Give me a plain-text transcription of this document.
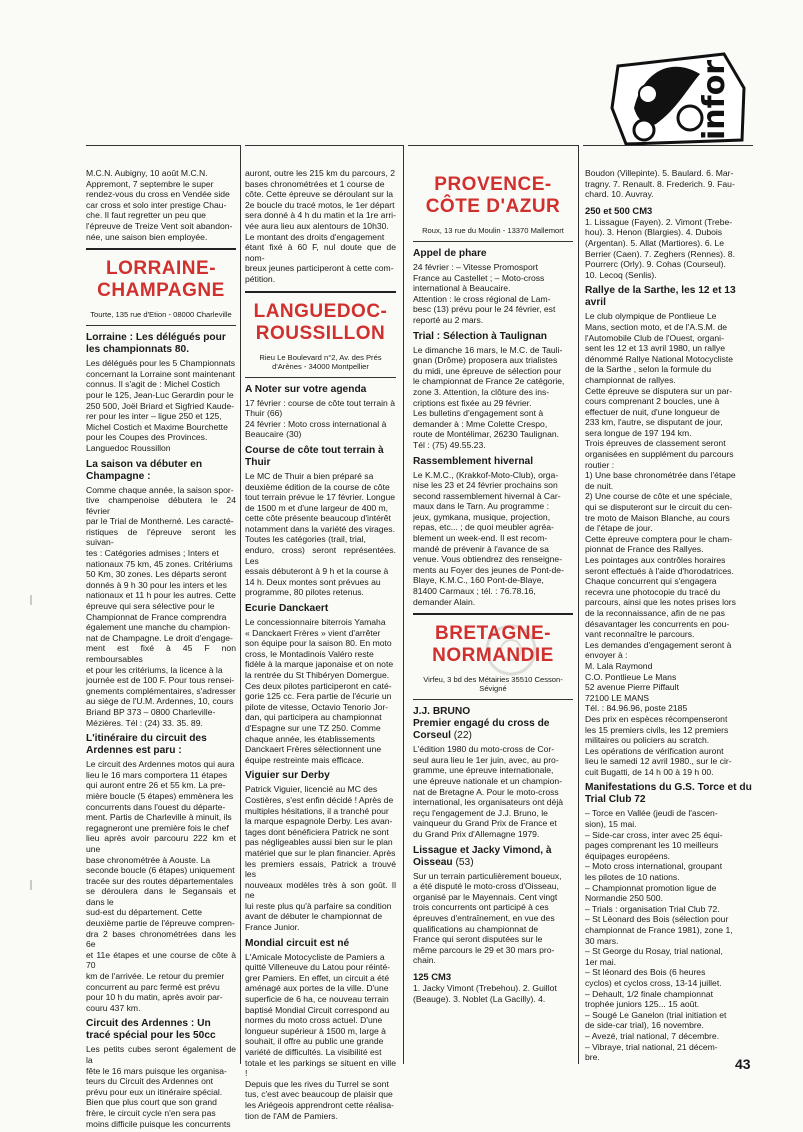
infor

M.C.N. Aubigny, 10 août M.C.N.
Appremont, 7 septembre le super
rendez-vous du cross en Vendée side
car cross et solo inter prestige Chau-
che. Il faut regretter un peu que
l'épreuve de Treize Vent soit abandon-
née, une saison bien employée.

LORRAINE-
CHAMPAGNE
Tourte, 135 rue d'Etion - 08000 Charleville
Lorraine : Les délégués pour les championnats 80.

Les délégués pour les 5 Championnats
concernant la Lorraine sont maintenant
connus. Il s'agit de : Michel Costich
pour le 125, Jean-Luc Gerardin pour le
250 500, Joël Briard et Sigfried Kaude-
rer pour les inter – ligue 250 et 125,
Michel Costich et Maxime Bourchette
pour les Coupes des Provinces.
Languedoc Roussillon

La saison va débuter en Champagne :

Comme chaque année, la saison spor-
tive champenoise débutera le 24 février
par le Trial de Montherné. Les caracté-
ristiques de l'épreuve seront les suivan-
tes : Catégories admises ; Inters et
nationaux 75 km, 45 zones. Critériums
50 Km, 30 zones. Les départs seront
donnés à 9 h 30 pour les inters et les
nationaux et 11 h pour les autres. Cette
épreuve qui sera sélective pour le
Championnat de France comprendra
également une manche du champion-
nat de Champagne. Le droit d'engage-
ment est fixé à 45 F non remboursables
et pour les critériums, la licence à la
journée est de 100 F. Pour tous rensei-
gnements complémentaires, s'adresser
au siège de l'U.M. Ardennes, 10, cours
Briand BP 373 – 0800 Charleville-
Mézières. Tél : (24) 33. 35. 89.

L'itinéraire du circuit des Ardennes est paru :

Le circuit des Ardennes motos qui aura
lieu le 16 mars comportera 11 étapes
qui auront entre 26 et 55 km. La pre-
mière boucle (5 étapes) emmènera les
concurrents dans l'ouest du départe-
ment. Partis de Charleville à minuit, ils
regagneront une première fois le chef
lieu après avoir parcouru 222 km et une
base chronométrée à Aouste. La
seconde boucle (6 étapes) uniquement
tracée sur des routes départementales
se déroulera dans le Segansais et dans le
sud-est du département. Cette
deuxième partie de l'épreuve compren-
dra 2 bases chronométrées dans les 6e
et 11e étapes et une course de côte à 70
km de l'arrivée. Le retour du premier
concurrent au parc fermé est prévu
pour 10 h du matin, après avoir par-
couru 437 km.

Circuit des Ardennes : Un tracé spécial pour les 50cc

Les petits cubes seront également de la
fête le 16 mars puisque les organisa-
teurs du Circuit des Ardennes ont
prévu pour eux un itinéraire spécial.
Bien que plus court que son grand
frère, le circuit cycle n'en sera pas
moins difficile puisque les concurrents

auront, outre les 215 km du parcours, 2
bases chronométrées et 1 course de
côte. Cette épreuve se déroulant sur la
2e boucle du tracé motos, le 1er départ
sera donné à 4 h du matin et la 1re arri-
vée aura lieu aux alentours de 10h30.
Le montant des droits d'engagement
étant fixé à 60 F, nul doute que de nom-
breux jeunes participeront à cette com-
pétition.

LANGUEDOC-
ROUSSILLON
Rieu Le Boulevard n°2, Av. des Prés d'Arènes - 34000 Montpellier
A Noter sur votre agenda

17 février : course de côte tout terrain à
Thuir (66)
24 février : Moto cross international à
Beaucaire (30)

Course de côte tout terrain à Thuir

Le MC de Thuir a bien préparé sa
deuxième édition de la course de côte
tout terrain prévue le 17 février. Longue
de 1500 m et d'une largeur de 400 m,
cette côte présente beaucoup d'intérêt
notamment dans la variété des virages.
Toutes les catégories (trail, trial,
enduro, cross) seront représentées. Les
essais débuteront à 9 h et la course à
14 h. Deux montes sont prévues au
programme, 80 pilotes retenus.

Ecurie Danckaert

Le concessionnaire biterrois Yamaha
« Danckaert Frères » vient d'arrêter
son équipe pour la saison 80. En moto
cross, le Montadinois Valéro reste
fidèle à la marque japonaise et on note
la rentrée du St Thibéryen Domergue.
Ces deux pilotes participeront en caté-
gorie 125 cc. Fera partie de l'écurie un
pilote de vitesse, Octavio Tenorio Jor-
dan, qui participera au championnat
d'Espagne sur une TZ 250. Comme
chaque année, les établissements
Danckaert Frères sélectionnent une
équipe restreinte mais efficace.

Viguier sur Derby

Patrick Viguier, licencié au MC des
Costières, s'est enfin décidé ! Après de
multiples hésitations, il a tranché pour
la marque espagnole Derby. Les avan-
tages dont bénéficiera Patrick ne sont
pas négligeables aussi bien sur le plan
matériel que sur le plan financier. Après
les premiers essais, Patrick a trouvé les
nouveaux modèles très à son goût. Il ne
lui reste plus qu'à parfaire sa condition
avant de débuter le championnat de
France Junior.

Mondial circuit est né

L'Amicale Motocycliste de Pamiers a
quitté Villeneuve du Latou pour réinté-
grer Pamiers. En effet, un circuit a été
aménagé aux portes de la ville. D'une
superficie de 6 ha, ce nouveau terrain
baptisé Mondial Circuit correspond au
normes du moto cross actuel. D'une
longueur supérieur à 1500 m, large à
souhait, il offre au public une grande
variété de difficultés. La visibilité est
totale et les parkings se situent en ville !
Depuis que les rives du Turrel se sont
tus, c'est avec beaucoup de plaisir que
les Ariégeois apprendront cette réalisa-
tion de l'AM de Pamiers.

PROVENCE-
CÔTE D'AZUR
Roux, 13 rue du Moulin - 13370 Mallemort
Appel de phare

24 février : – Vitesse Promosport
France au Castellet ; – Moto-cross
international à Beaucaire.
Attention : le cross régional de Lam-
besc (13) prévu pour le 24 février, est
reporté au 2 mars.

Trial : Sélection à Taulignan

Le dimanche 16 mars, le M.C. de Tauli-
gnan (Drôme) proposera aux trialistes
du midi, une épreuve de sélection pour
le championnat de France 2e catégorie,
zone 3. Attention, la clôture des ins-
criptions est fixée au 29 février.
Les bulletins d'engagement sont à
demander à : Mme Colette Crespo,
route de Montélimar, 26230 Taulignan.
Tél : (75) 49.55.23.

Rassemblement hivernal

Le K.M.C., (Krakkof-Moto-Club), orga-
nise les 23 et 24 février prochains son
second rassemblement hivernal à Car-
maux dans le Tarn. Au programme :
jeux, gymkana, musique, projection,
repas, etc... ; de quoi meubler agréa-
blement un week-end. Il est recom-
mandé de prévenir à l'avance de sa
venue. Vous obtiendrez des renseigne-
ments au Foyer des jeunes de Pont-de-
Blaye, K.M.C., 160 Pont-de-Blaye,
81400 Carmaux ; tél. : 76.78.16,
demander Alain.

BRETAGNE-
NORMANDIE
Virfeu, 3 bd des Métairies 35510 Cesson-Sévigné
J.J. BRUNO
Premier engagé du cross de Corseul (22)

L'édition 1980 du moto-cross de Cor-
seul aura lieu le 1er juin, avec, au pro-
gramme, une épreuve internationale,
une épreuve nationale et un champion-
nat de Bretagne A. Pour le moto-cross
international, les organisateurs ont déjà
reçu l'engagement de J.J. Bruno, le
vainqueur du Grand Prix de France et
du Grand Prix d'Allemagne 1979.

Lissague et Jacky Vimond, à Oisseau (53)

Sur un terrain particulièrement boueux,
a été disputé le moto-cross d'Oisseau,
organisé par le Mayennais. Cent vingt
trois concurrents ont participé à ces
épreuves d'entraînement, en vue des
qualifications au championnat de
France qui seront disputées sur le
même parcours le 29 et 30 mars pro-
chain.

125 CM3

1. Jacky Vimont (Trebehou). 2. Guillot
(Beauge). 3. Noblet (La Gacilly). 4.

Boudon (Villepinte). 5. Baulard. 6. Mar-
tragny. 7. Renault. 8. Frederich. 9. Fau-
chard. 10. Auvray.

250 et 500 CM3

1. Lissague (Fayen). 2. Vimont (Trebe-
hou). 3. Henon (Blargies). 4. Dubois
(Argentan). 5. Allat (Martiores). 6. Le
Berrier (Caen). 7. Zeghers (Rennes). 8.
Pourrerc (Orly). 9. Cohas (Courseul).
10. Lecoq (Senlis).

Rallye de la Sarthe, les 12 et 13 avril

Le club olympique de Pontlieue Le
Mans, section moto, et de l'A.S.M. de
l'Automobile Club de l'Ouest, organi-
sent les 12 et 13 avril 1980, un rallye
dénommé Rallye National Motocycliste
de la Sarthe , selon la formule du
championnat de rallyes.
Cette épreuve se disputera sur un par-
cours comprenant 2 boucles, une à
effectuer de nuit, d'une longueur de
233 km, l'autre, se disputant de jour,
sera longue de 197 194 km.
Trois épreuves de classement seront
organisées en supplément du parcours
routier :
1) Une base chronométrée dans l'étape
de nuit.
2) Une course de côte et une spéciale,
qui se disputeront sur le circuit du cen-
tre moto de Maison Blanche, au cours
de l'étape de jour.
Cette épreuve comptera pour le cham-
pionnat de France des Rallyes.
Les pointages aux contrôles horaires
seront effectués à l'aide d'horodatrices.
Chaque concurrent qui s'engagera
recevra une photocopie du tracé du
parcours, ainsi que les notes prises lors
de la reconnaissance, afin de ne pas
désavantager les concurrents en pou-
vant reconnaître le parcours.
Les demandes d'engagement seront à
envoyer à :
M. Lala Raymond
C.O. Pontlieue Le Mans
52 avenue Pierre Piffault
72100 LE MANS
Tél. : 84.96.96, poste 2185
Des prix en espèces récompenseront
les 15 premiers civils, les 12 premiers
militaires ou policiers au scratch.
Les opérations de vérification auront
lieu le samedi 12 avril 1980., sur le cir-
cuit Bugatti, de 14 h 00 à 19 h 00.

Manifestations du G.S. Torce et du Trial Club 72

– Torce en Vallée (jeudi de l'ascen-
sion), 15 mai.
– Side-car cross, inter avec 25 équi-
pages comprenant les 10 meilleurs
équipages européens.
– Moto cross international, groupant
les pilotes de 10 nations.
– Championnat promotion ligue de
Normandie 250 500.
– Trials : organisation Trial Club 72.
– St Léonard des Bois (sélection pour
championnat de France 1981), zone 1,
30 mars.
– St George du Rosay, trial national,
1er mai.
– St léonard des Bois (6 heures
cyclos) et cyclos cross, 13-14 juillet.
– Dehault, 1/2 finale championnat
trophée juniors 125... 15 août.
– Sougé Le Ganelon (trial initiation et
de side-car trial), 16 novembre.
– Avezé, trial national, 7 décembre.
– Vibraye, trial national, 21 décem-
bre.	43
